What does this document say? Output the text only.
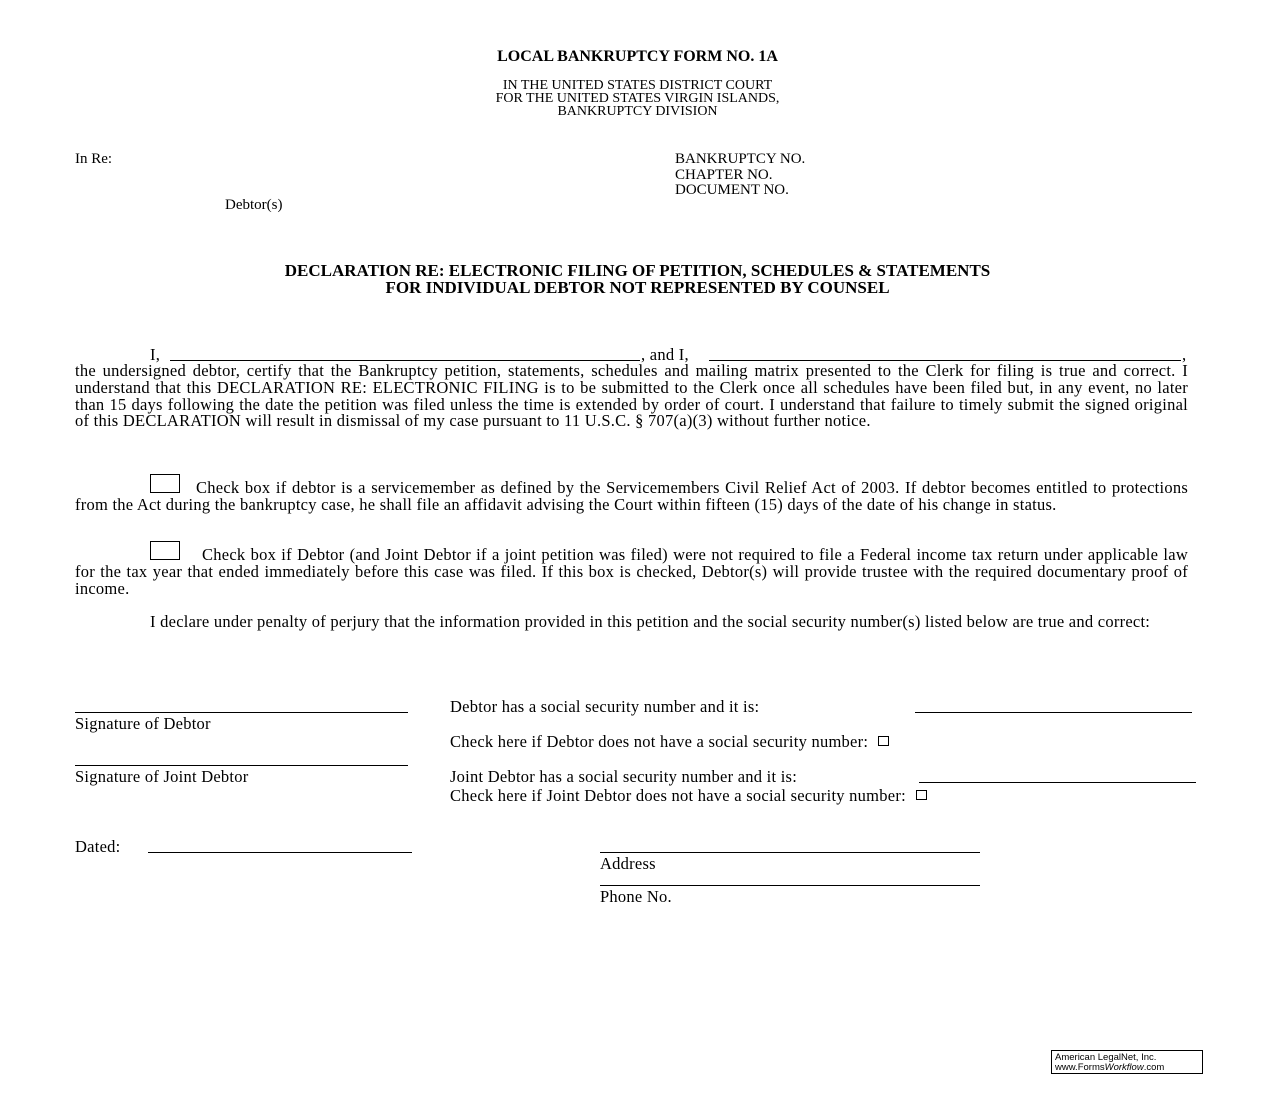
LOCAL BANKRUPTCY FORM NO. 1A
IN THE UNITED STATES DISTRICT COURT
FOR THE UNITED STATES VIRGIN ISLANDS,
BANKRUPTCY DIVISION
In Re:
Debtor(s)
BANKRUPTCY NO.
CHAPTER NO.
DOCUMENT NO.
DECLARATION RE: ELECTRONIC FILING OF PETITION, SCHEDULES & STATEMENTS
FOR INDIVIDUAL DEBTOR NOT REPRESENTED BY COUNSEL
I,	, and I,	,
the undersigned debtor, certify that the Bankruptcy petition, statements, schedules and mailing matrix presented to the Clerk for filing is true and correct. I understand that this DECLARATION RE: ELECTRONIC FILING is to be submitted to the Clerk once all schedules have been filed but, in any event, no later than 15 days following the date the petition was filed unless the time is extended by order of court. I understand that failure to timely submit the signed original of this DECLARATION will result in dismissal of my case pursuant to 11 U.S.C. § 707(a)(3) without further notice.
Check box if debtor is a servicemember as defined by the Servicemembers Civil Relief Act of 2003. If debtor becomes entitled to protections from the Act during the bankruptcy case, he shall file an affidavit advising the Court within fifteen (15) days of the date of his change in status.
Check box if Debtor (and Joint Debtor if a joint petition was filed) were not required to file a Federal income tax return under applicable law for the tax year that ended immediately before this case was filed. If this box is checked, Debtor(s) will provide trustee with the required documentary proof of income.
I declare under penalty of perjury that the information provided in this petition and the social security number(s) listed below are true and correct:
Signature of Debtor
Signature of Joint Debtor
Debtor has a social security number and it is:
Check here if Debtor does not have a social security number:
Joint Debtor has a social security number and it is:
Check here if Joint Debtor does not have a social security number:
Dated:
Address
Phone No.
American LegalNet, Inc.
www.FormsWorkflow.com
